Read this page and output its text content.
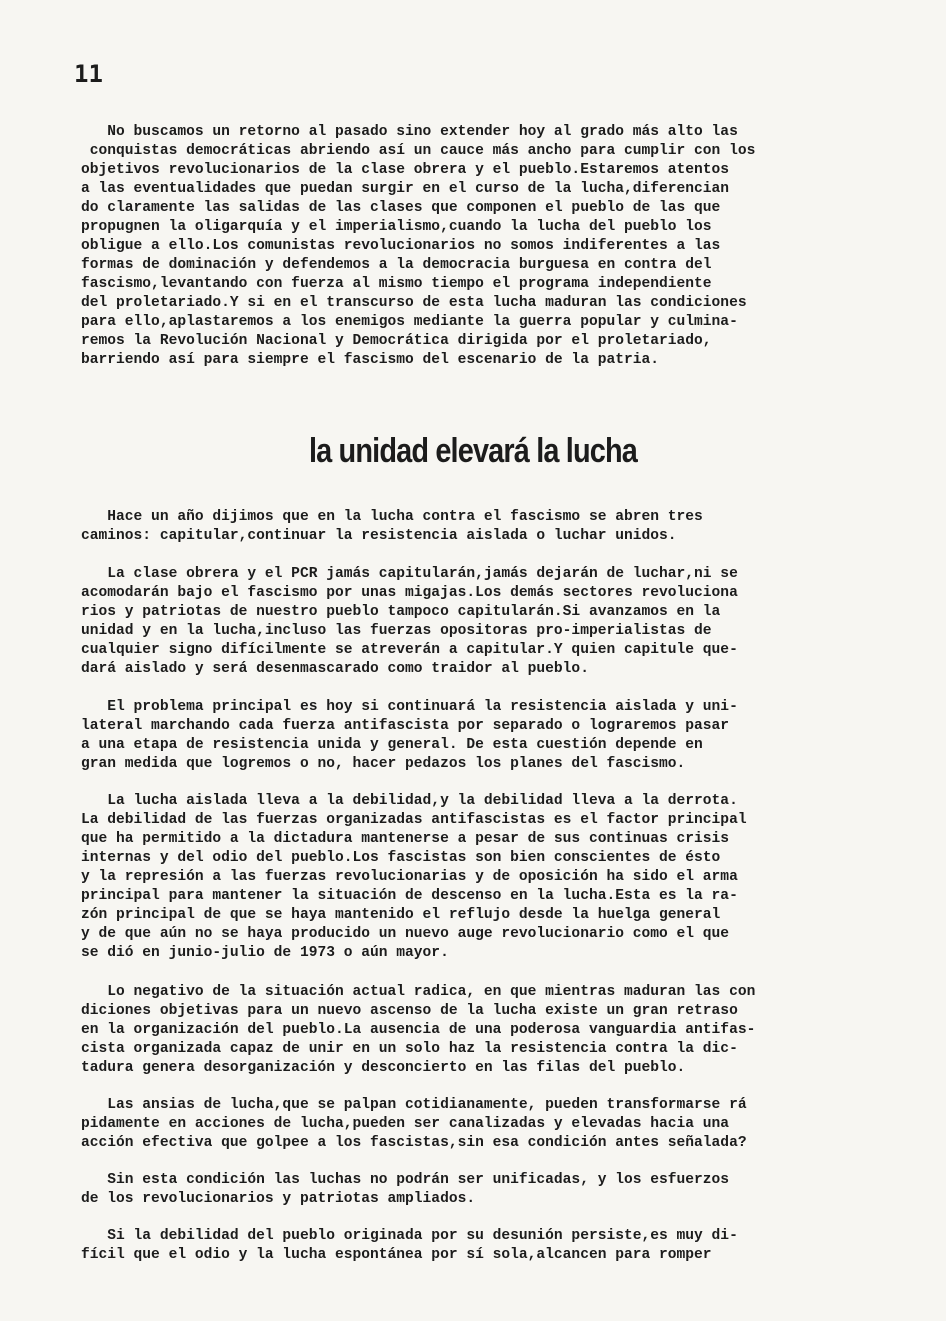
11
No buscamos un retorno al pasado sino extender hoy al grado más alto las
conquistas democráticas abriendo así un cauce más ancho para cumplir con los
objetivos revolucionarios de la clase obrera y el pueblo.Estaremos atentos
a las eventualidades que puedan surgir en el curso de la lucha,diferencian
do claramente las salidas de las clases que componen el pueblo de las que
propugnen la oligarquía y el imperialismo,cuando la lucha del pueblo los
obligue a ello.Los comunistas revolucionarios no somos indiferentes a las
formas de dominación y defendemos a la democracia burguesa en contra del
fascismo,levantando con fuerza al mismo tiempo el programa independiente
del proletariado.Y si en el transcurso de esta lucha maduran las condiciones
para ello,aplastaremos a los enemigos mediante la guerra popular y culmina-
remos la Revolución Nacional y Democrática dirigida por el proletariado,
barriendo así para siempre el fascismo del escenario de la patria.
la unidad elevará la lucha
Hace un año dijimos que en la lucha contra el fascismo se abren tres
caminos: capitular,continuar la resistencia aislada o luchar unidos.
La clase obrera y el PCR jamás capitularán,jamás dejarán de luchar,ni se
acomodarán bajo el fascismo por unas migajas.Los demás sectores revoluciona
rios y patriotas de nuestro pueblo tampoco capitularán.Si avanzamos en la
unidad y en la lucha,incluso las fuerzas opositoras pro-imperialistas de
cualquier signo difícilmente se atreverán a capitular.Y quien capitule que-
dará aislado y será desenmascarado como traidor al pueblo.
El problema principal es hoy si continuará la resistencia aislada y uni-
lateral marchando cada fuerza antifascista por separado o lograremos pasar
a una etapa de resistencia unida y general. De esta cuestión depende en
gran medida que logremos o no, hacer pedazos los planes del fascismo.
La lucha aislada lleva a la debilidad,y la debilidad lleva a la derrota.
La debilidad de las fuerzas organizadas antifascistas es el factor principal
que ha permitido a la dictadura mantenerse a pesar de sus continuas crisis
internas y del odio del pueblo.Los fascistas son bien conscientes de ésto
y la represión a las fuerzas revolucionarias y de oposición ha sido el arma
principal para mantener la situación de descenso en la lucha.Esta es la ra-
zón principal de que se haya mantenido el reflujo desde la huelga general
y de que aún no se haya producido un nuevo auge revolucionario como el que
se dió en junio-julio de 1973 o aún mayor.
Lo negativo de la situación actual radica, en que mientras maduran las con
diciones objetivas para un nuevo ascenso de la lucha existe un gran retraso
en la organización del pueblo.La ausencia de una poderosa vanguardia antifas-
cista organizada capaz de unir en un solo haz la resistencia contra la dic-
tadura genera desorganización y desconcierto en las filas del pueblo.
Las ansias de lucha,que se palpan cotidianamente, pueden transformarse rá
pidamente en acciones de lucha,pueden ser canalizadas y elevadas hacia una
acción efectiva que golpee a los fascistas,sin esa condición antes señalada?
Sin esta condición las luchas no podrán ser unificadas, y los esfuerzos
de los revolucionarios y patriotas ampliados.
Si la debilidad del pueblo originada por su desunión persiste,es muy di-
fícil que el odio y la lucha espontánea por sí sola,alcancen para romper
